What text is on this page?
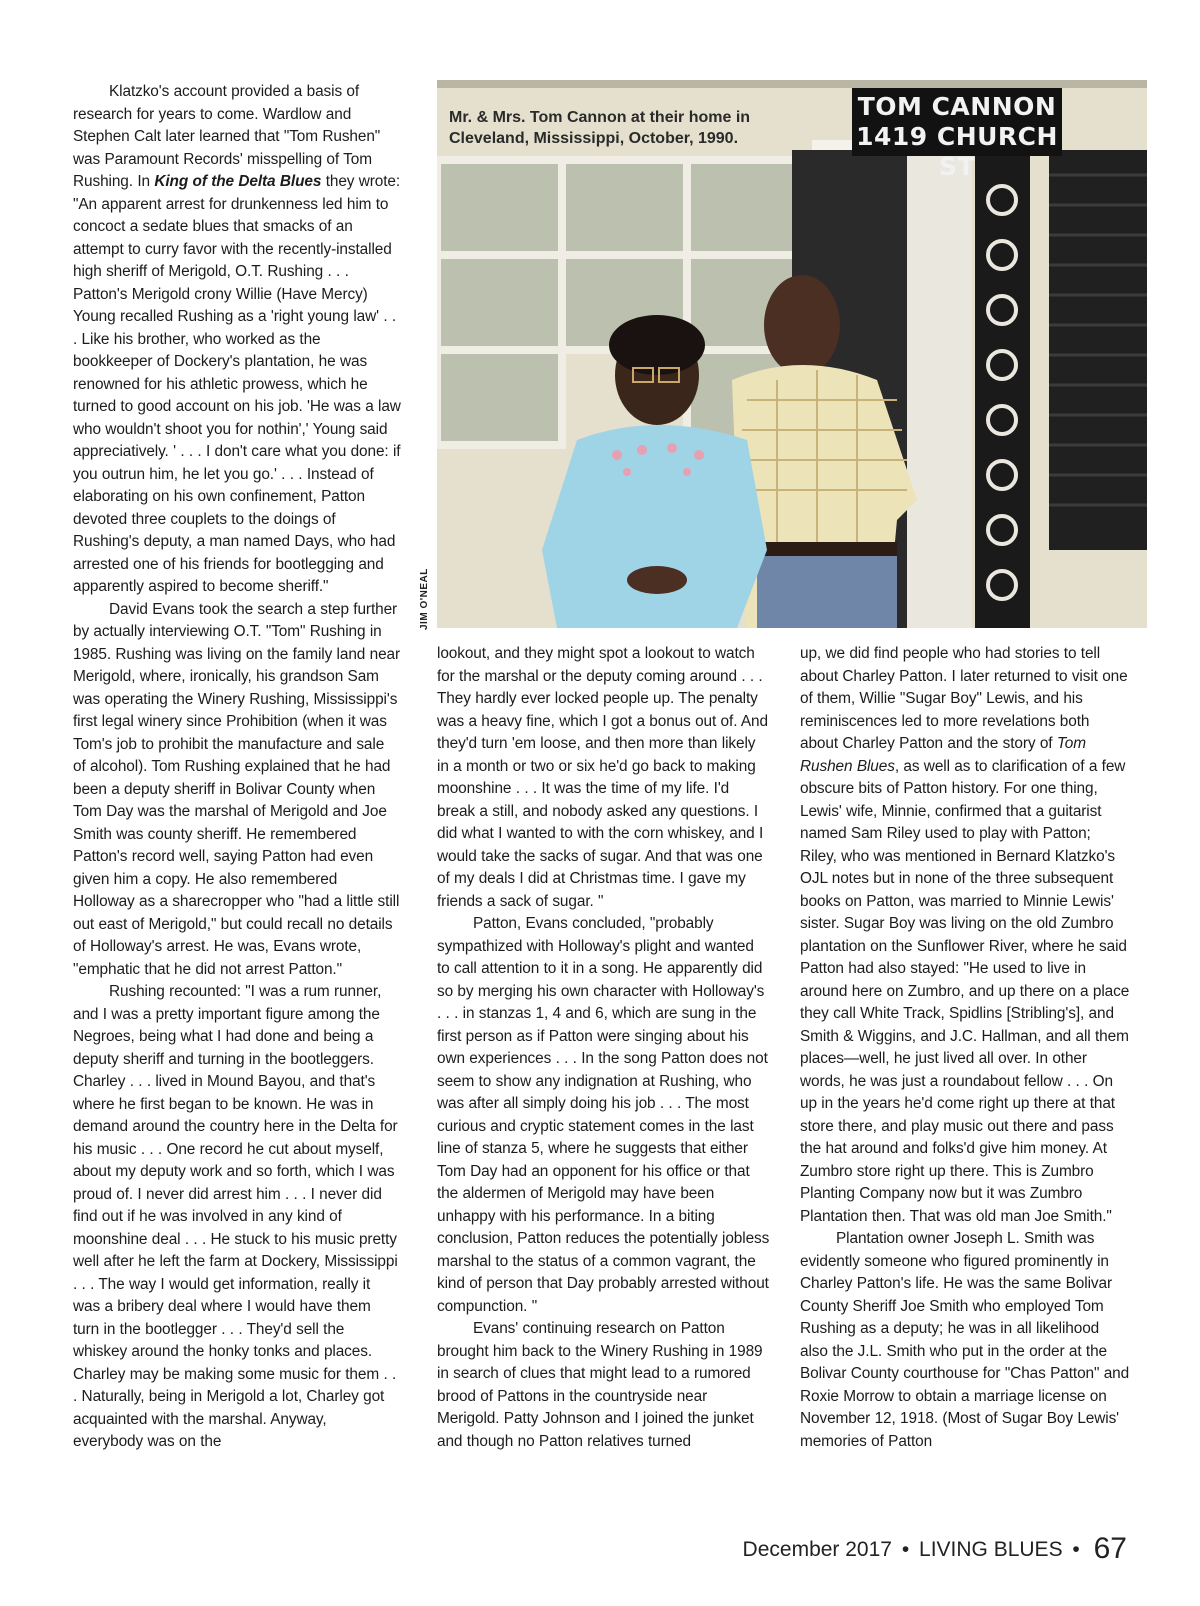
Klatzko's account provided a basis of research for years to come. Wardlow and Stephen Calt later learned that "Tom Rushen" was Paramount Records' misspelling of Tom Rushing. In King of the Delta Blues they wrote: "An apparent arrest for drunkenness led him to concoct a sedate blues that smacks of an attempt to curry favor with the recently-installed high sheriff of Merigold, O.T. Rushing . . . Patton's Merigold crony Willie (Have Mercy) Young recalled Rushing as a 'right young law' . . . Like his brother, who worked as the bookkeeper of Dockery's plantation, he was renowned for his athletic prowess, which he turned to good account on his job. 'He was a law who wouldn't shoot you for nothin',' Young said appreciatively. ' . . . I don't care what you done: if you outrun him, he let you go.' . . . Instead of elaborating on his own confinement, Patton devoted three couplets to the doings of Rushing's deputy, a man named Days, who had arrested one of his friends for bootlegging and apparently aspired to become sheriff."

David Evans took the search a step further by actually interviewing O.T. "Tom" Rushing in 1985. Rushing was living on the family land near Merigold, where, ironically, his grandson Sam was operating the Winery Rushing, Mississippi's first legal winery since Prohibition (when it was Tom's job to prohibit the manufacture and sale of alcohol). Tom Rushing explained that he had been a deputy sheriff in Bolivar County when Tom Day was the marshal of Merigold and Joe Smith was county sheriff. He remembered Patton's record well, saying Patton had even given him a copy. He also remembered Holloway as a sharecropper who "had a little still out east of Merigold," but could recall no details of Holloway's arrest. He was, Evans wrote, "emphatic that he did not arrest Patton."

Rushing recounted: "I was a rum runner, and I was a pretty important figure among the Negroes, being what I had done and being a deputy sheriff and turning in the bootleggers. Charley . . . lived in Mound Bayou, and that's where he first began to be known. He was in demand around the country here in the Delta for his music . . . One record he cut about myself, about my deputy work and so forth, which I was proud of. I never did arrest him . . . I never did find out if he was involved in any kind of moonshine deal . . . He stuck to his music pretty well after he left the farm at Dockery, Mississippi . . . The way I would get information, really it was a bribery deal where I would have them turn in the bootlegger . . . They'd sell the whiskey around the honky tonks and places. Charley may be making some music for them . . . Naturally, being in Merigold a lot, Charley got acquainted with the marshal. Anyway, everybody was on the

Mr. & Mrs. Tom Cannon at their home in
Cleveland, Mississippi, October, 1990.
TOM CANNON
1419 CHURCH ST
JIM O'NEAL

lookout, and they might spot a lookout to watch for the marshal or the deputy coming around . . . They hardly ever locked people up. The penalty was a heavy fine, which I got a bonus out of. And they'd turn 'em loose, and then more than likely in a month or two or six he'd go back to making moonshine . . . It was the time of my life. I'd break a still, and nobody asked any questions. I did what I wanted to with the corn whiskey, and I would take the sacks of sugar. And that was one of my deals I did at Christmas time. I gave my friends a sack of sugar. "

Patton, Evans concluded, "probably sympathized with Holloway's plight and wanted to call attention to it in a song. He apparently did so by merging his own character with Holloway's . . . in stanzas 1, 4 and 6, which are sung in the first person as if Patton were singing about his own experiences . . . In the song Patton does not seem to show any indignation at Rushing, who was after all simply doing his job . . . The most curious and cryptic statement comes in the last line of stanza 5, where he suggests that either Tom Day had an opponent for his office or that the aldermen of Merigold may have been unhappy with his performance. In a biting conclusion, Patton reduces the potentially jobless marshal to the status of a common vagrant, the kind of person that Day probably arrested without compunction. "

Evans' continuing research on Patton brought him back to the Winery Rushing in 1989 in search of clues that might lead to a rumored brood of Pattons in the countryside near Merigold. Patty Johnson and I joined the junket and though no Patton relatives turned

up, we did find people who had stories to tell about Charley Patton. I later returned to visit one of them, Willie "Sugar Boy" Lewis, and his reminiscences led to more revelations both about Charley Patton and the story of Tom Rushen Blues, as well as to clarification of a few obscure bits of Patton history. For one thing, Lewis' wife, Minnie, confirmed that a guitarist named Sam Riley used to play with Patton; Riley, who was mentioned in Bernard Klatzko's OJL notes but in none of the three subsequent books on Patton, was married to Minnie Lewis' sister. Sugar Boy was living on the old Zumbro plantation on the Sunflower River, where he said Patton had also stayed: "He used to live in around here on Zumbro, and up there on a place they call White Track, Spidlins [Stribling's], and Smith & Wiggins, and J.C. Hallman, and all them places—well, he just lived all over. In other words, he was just a roundabout fellow . . . On up in the years he'd come right up there at that store there, and play music out there and pass the hat around and folks'd give him money. At Zumbro store right up there. This is Zumbro Planting Company now but it was Zumbro Plantation then. That was old man Joe Smith."

Plantation owner Joseph L. Smith was evidently someone who figured prominently in Charley Patton's life. He was the same Bolivar County Sheriff Joe Smith who employed Tom Rushing as a deputy; he was in all likelihood also the J.L. Smith who put in the order at the Bolivar County courthouse for "Chas Patton" and Roxie Morrow to obtain a marriage license on November 12, 1918. (Most of Sugar Boy Lewis' memories of Patton

December 2017 • LIVING BLUES • 67
